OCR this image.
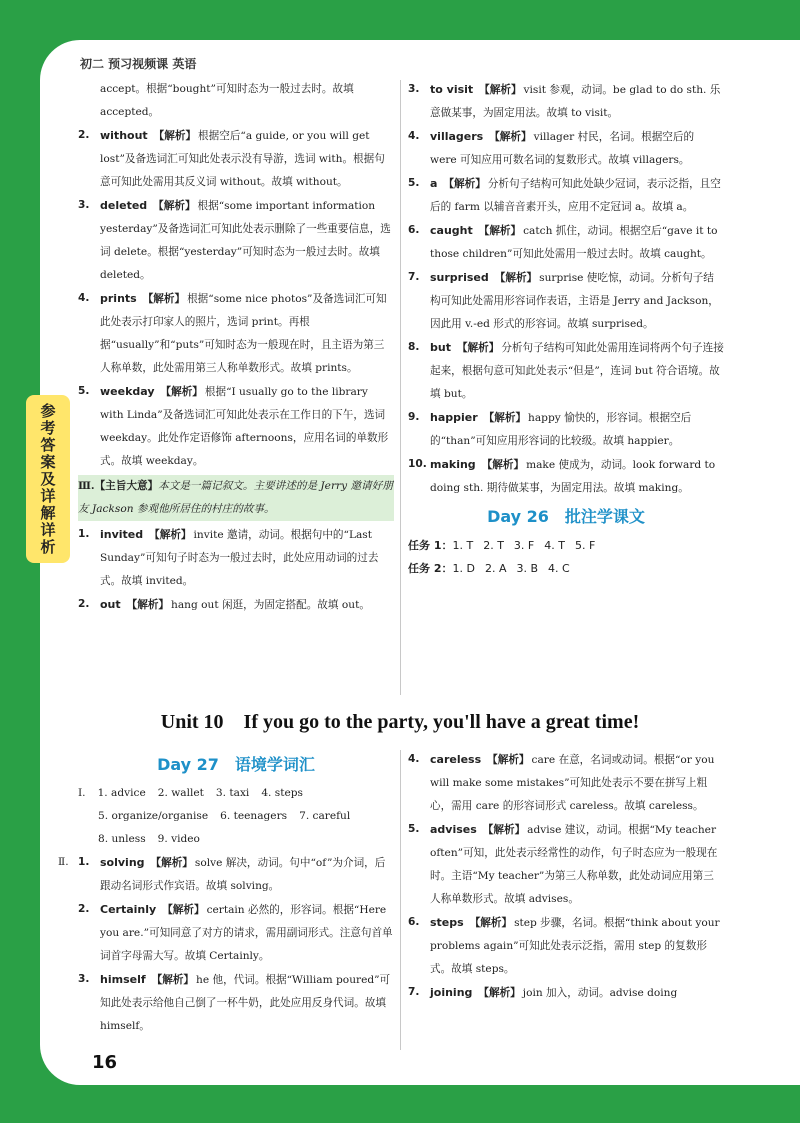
初二 预习视频课 英语
参考答案及详解详析

accept。根据“bought”可知时态为一般过去时。故填 accepted。

2. without 【解析】 根据空后“a guide, or you will get lost”及备选词汇可知此处表示没有导游，选词 with。根据句意可知此处需用其反义词 without。故填 without。

3. deleted 【解析】 根据“some important information yesterday”及备选词汇可知此处表示删除了一些重要信息，选词 delete。根据“yesterday”可知时态为一般过去时。故填 deleted。

4. prints 【解析】 根据“some nice photos”及备选词汇可知此处表示打印家人的照片，选词 print。再根据“usually”和“puts”可知时态为一般现在时，且主语为第三人称单数，此处需用第三人称单数形式。故填 prints。

5. weekday 【解析】 根据“I usually go to the library with Linda”及备选词汇可知此处表示在工作日的下午，选词 weekday。此处作定语修饰 afternoons，应用名词的单数形式。故填 weekday。

Ⅲ.【主旨大意】本文是一篇记叙文。主要讲述的是 Jerry 邀请好朋友 Jackson 参观他所居住的村庄的故事。

1. invited 【解析】 invite 邀请，动词。根据句中的“Last Sunday”可知句子时态为一般过去时，此处应用动词的过去式。故填 invited。

2. out 【解析】 hang out 闲逛，为固定搭配。故填 out。

3. to visit 【解析】 visit 参观，动词。be glad to do sth. 乐意做某事，为固定用法。故填 to visit。

4. villagers 【解析】 villager 村民，名词。根据空后的 were 可知应用可数名词的复数形式。故填 villagers。

5. a 【解析】 分析句子结构可知此处缺少冠词，表示泛指，且空后的 farm 以辅音音素开头，应用不定冠词 a。故填 a。

6. caught 【解析】 catch 抓住，动词。根据空后“gave it to those children”可知此处需用一般过去时。故填 caught。

7. surprised 【解析】 surprise 使吃惊，动词。分析句子结构可知此处需用形容词作表语，主语是 Jerry and Jackson，因此用 v.-ed 形式的形容词。故填 surprised。

8. but 【解析】 分析句子结构可知此处需用连词将两个句子连接起来，根据句意可知此处表示“但是”，连词 but 符合语境。故填 but。

9. happier 【解析】 happy 愉快的，形容词。根据空后的“than”可知应用形容词的比较级。故填 happier。

10. making 【解析】 make 使成为，动词。look forward to doing sth. 期待做某事，为固定用法。故填 making。

Day 26　批注学课文
任务 1：1. T 2. T 3. F 4. T 5. F
任务 2：1. D 2. A 3. B 4. C
Unit 10　If you go to the party, you'll have a great time!
Day 27　语境学词汇
Ⅰ. 1. advice 2. wallet 3. taxi 4. steps
5. organize/organise 6. teenagers 7. careful
8. unless 9. video

Ⅱ. 1. solving 【解析】 solve 解决，动词。句中“of”为介词，后跟动名词形式作宾语。故填 solving。

2. Certainly 【解析】 certain 必然的，形容词。根据“Here you are.”可知同意了对方的请求，需用副词形式。注意句首单词首字母需大写。故填 Certainly。

3. himself 【解析】 he 他，代词。根据“William poured”可知此处表示给他自己倒了一杯牛奶，此处应用反身代词。故填 himself。

4. careless 【解析】 care 在意，名词或动词。根据“or you will make some mistakes”可知此处表示不要在拼写上粗心，需用 care 的形容词形式 careless。故填 careless。

5. advises 【解析】 advise 建议，动词。根据“My teacher often”可知，此处表示经常性的动作，句子时态应为一般现在时。主语“My teacher”为第三人称单数，此处动词应用第三人称单数形式。故填 advises。

6. steps 【解析】 step 步骤，名词。根据“think about your problems again”可知此处表示泛指，需用 step 的复数形式。故填 steps。

7. joining 【解析】 join 加入，动词。advise doing

16
